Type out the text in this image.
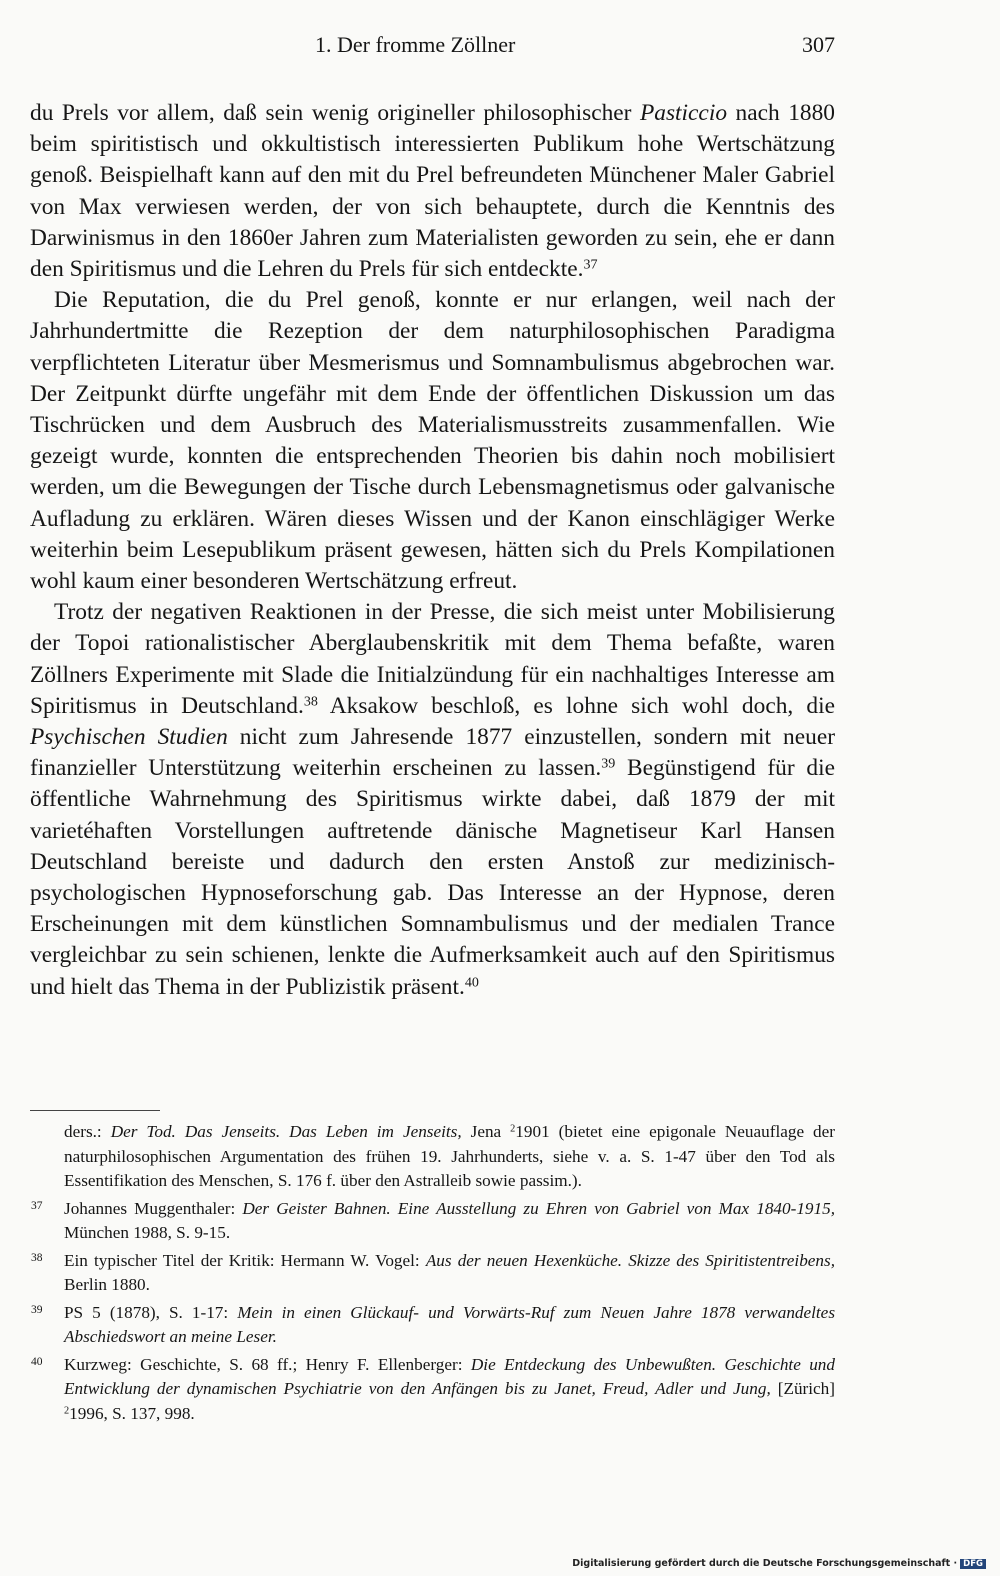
1. Der fromme Zöllner	307

du Prels vor allem, daß sein wenig origineller philosophischer Pasticcio nach 1880 beim spiritistisch und okkultistisch interessierten Publikum hohe Wertschätzung genoß. Beispielhaft kann auf den mit du Prel befreundeten Münchener Maler Gabriel von Max verwiesen werden, der von sich behauptete, durch die Kenntnis des Darwinismus in den 1860er Jahren zum Materialisten geworden zu sein, ehe er dann den Spiritismus und die Lehren du Prels für sich entdeckte.$^{37}$

Die Reputation, die du Prel genoß, konnte er nur erlangen, weil nach der Jahrhundertmitte die Rezeption der dem naturphilosophischen Paradigma verpflichteten Literatur über Mesmerismus und Somnambulismus abgebrochen war. Der Zeitpunkt dürfte ungefähr mit dem Ende der öffentlichen Diskussion um das Tischrücken und dem Ausbruch des Materialismusstreits zusammenfallen. Wie gezeigt wurde, konnten die entsprechenden Theorien bis dahin noch mobilisiert werden, um die Bewegungen der Tische durch Lebensmagnetismus oder galvanische Aufladung zu erklären. Wären dieses Wissen und der Kanon einschlägiger Werke weiterhin beim Lesepublikum präsent gewesen, hätten sich du Prels Kompilationen wohl kaum einer besonderen Wertschätzung erfreut.

Trotz der negativen Reaktionen in der Presse, die sich meist unter Mobilisierung der Topoi rationalistischer Aberglaubenskritik mit dem Thema befaßte, waren Zöllners Experimente mit Slade die Initialzündung für ein nachhaltiges Interesse am Spiritismus in Deutschland.$^{38}$ Aksakow beschloß, es lohne sich wohl doch, die Psychischen Studien nicht zum Jahresende 1877 einzustellen, sondern mit neuer finanzieller Unterstützung weiterhin erscheinen zu lassen.$^{39}$ Begünstigend für die öffentliche Wahrnehmung des Spiritismus wirkte dabei, daß 1879 der mit varietéhaften Vorstellungen auftretende dänische Magnetiseur Karl Hansen Deutschland bereiste und dadurch den ersten Anstoß zur medizinisch-psychologischen Hypnoseforschung gab. Das Interesse an der Hypnose, deren Erscheinungen mit dem künstlichen Somnambulismus und der medialen Trance vergleichbar zu sein schienen, lenkte die Aufmerksamkeit auch auf den Spiritismus und hielt das Thema in der Publizistik präsent.$^{40}$

ders.: Der Tod. Das Jenseits. Das Leben im Jenseits, Jena $^2$1901 (bietet eine epigonale Neuauflage der naturphilosophischen Argumentation des frühen 19. Jahrhunderts, siehe v. a. S. 1-47 über den Tod als Essentifikation des Menschen, S. 176 f. über den Astralleib sowie passim.).
37 Johannes Muggenthaler: Der Geister Bahnen. Eine Ausstellung zu Ehren von Gabriel von Max 1840-1915, München 1988, S. 9-15.
38 Ein typischer Titel der Kritik: Hermann W. Vogel: Aus der neuen Hexenküche. Skizze des Spiritistentreibens, Berlin 1880.
39 PS 5 (1878), S. 1-17: Mein in einen Glückauf- und Vorwärts-Ruf zum Neuen Jahre 1878 verwandeltes Abschiedswort an meine Leser.
40 Kurzweg: Geschichte, S. 68 ff.; Henry F. Ellenberger: Die Entdeckung des Unbewußten. Geschichte und Entwicklung der dynamischen Psychiatrie von den Anfängen bis zu Janet, Freud, Adler und Jung, [Zürich] $^2$1996, S. 137, 998.
Digitalisierung gefördert durch die Deutsche Forschungsgemeinschaft · DFG
